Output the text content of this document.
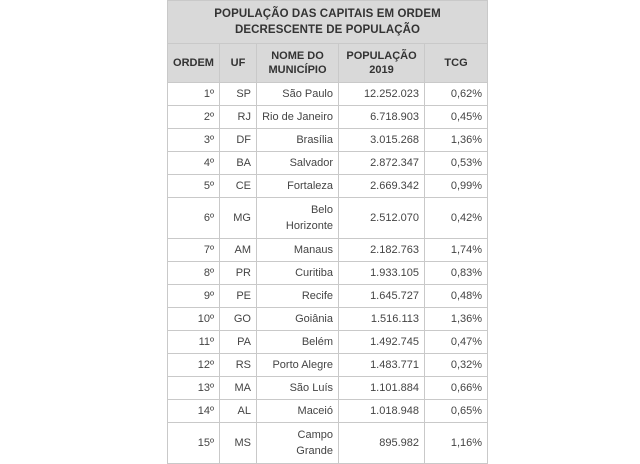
POPULAÇÃO DAS CAPITAIS EM ORDEM DECRESCENTE DE POPULAÇÃO				
ORDEM	UF	NOME DO MUNICÍPIO	POPULAÇÃO 2019	TCG
1º	SP	São Paulo	12.252.023	0,62%
2º	RJ	Rio de Janeiro	6.718.903	0,45%
3º	DF	Brasília	3.015.268	1,36%
4º	BA	Salvador	2.872.347	0,53%
5º	CE	Fortaleza	2.669.342	0,99%
6º	MG	Belo Horizonte	2.512.070	0,42%
7º	AM	Manaus	2.182.763	1,74%
8º	PR	Curitiba	1.933.105	0,83%
9º	PE	Recife	1.645.727	0,48%
10º	GO	Goiânia	1.516.113	1,36%
11º	PA	Belém	1.492.745	0,47%
12º	RS	Porto Alegre	1.483.771	0,32%
13º	MA	São Luís	1.101.884	0,66%
14º	AL	Maceió	1.018.948	0,65%
15º	MS	Campo Grande	895.982	1,16%
